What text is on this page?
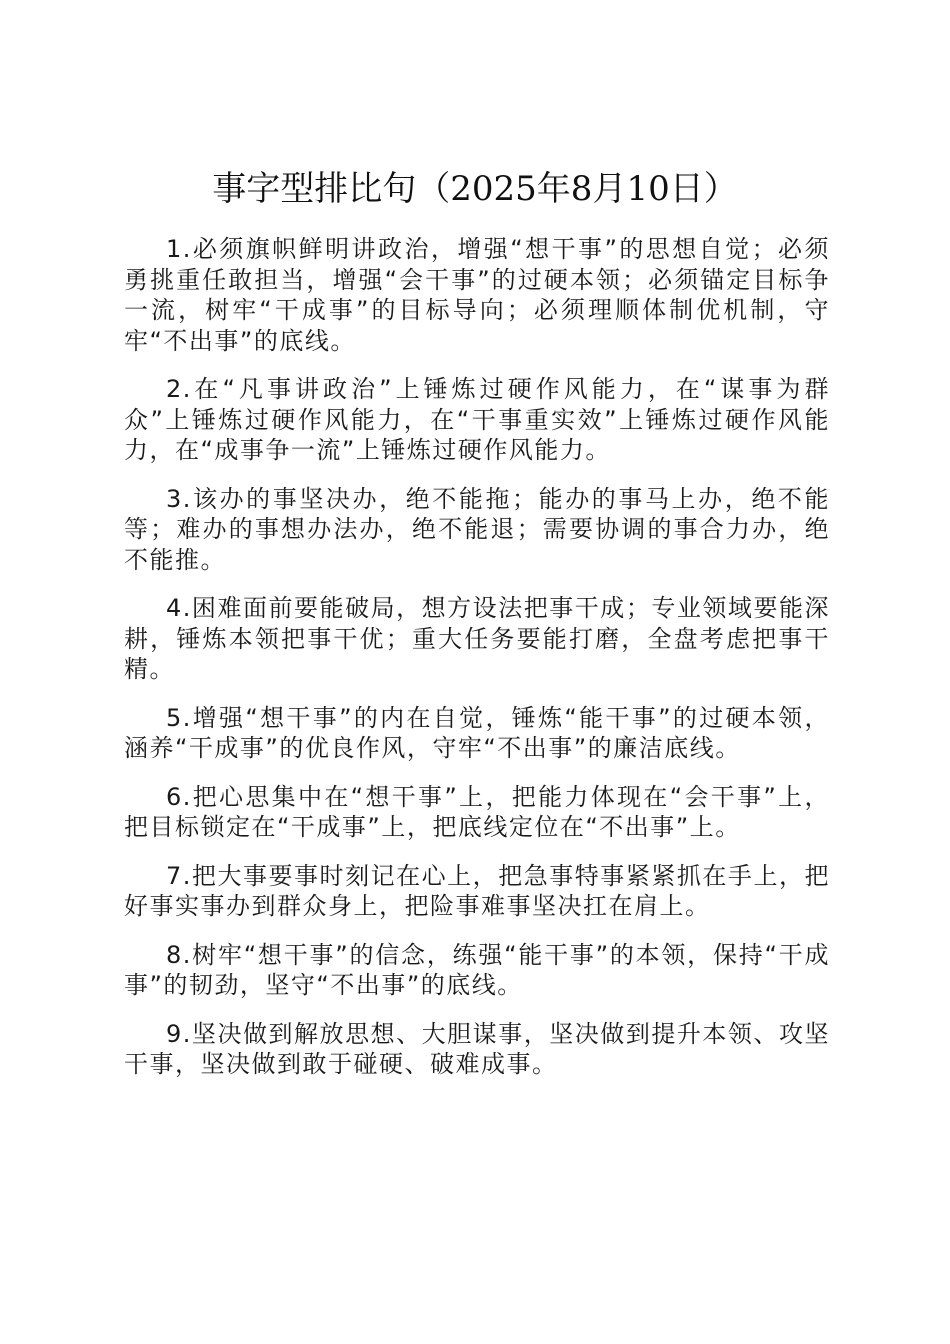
事字型排比句（2025年8月10日）

1.必须旗帜鲜明讲政治，增强“想干事”的思想自觉；必须勇挑重任敢担当，增强“会干事”的过硬本领；必须锚定目标争一流，树牢“干成事”的目标导向；必须理顺体制优机制，守牢“不出事”的底线。

2.在“凡事讲政治”上锤炼过硬作风能力，在“谋事为群众”上锤炼过硬作风能力，在“干事重实效”上锤炼过硬作风能力，在“成事争一流”上锤炼过硬作风能力。

3.该办的事坚决办，绝不能拖；能办的事马上办，绝不能等；难办的事想办法办，绝不能退；需要协调的事合力办，绝不能推。

4.困难面前要能破局，想方设法把事干成；专业领域要能深耕，锤炼本领把事干优；重大任务要能打磨，全盘考虑把事干精。

5.增强“想干事”的内在自觉，锤炼“能干事”的过硬本领，涵养“干成事”的优良作风，守牢“不出事”的廉洁底线。

6.把心思集中在“想干事”上，把能力体现在“会干事”上，把目标锁定在“干成事”上，把底线定位在“不出事”上。

7.把大事要事时刻记在心上，把急事特事紧紧抓在手上，把好事实事办到群众身上，把险事难事坚决扛在肩上。

8.树牢“想干事”的信念，练强“能干事”的本领，保持“干成事”的韧劲，坚守“不出事”的底线。

9.坚决做到解放思想、大胆谋事，坚决做到提升本领、攻坚干事，坚决做到敢于碰硬、破难成事。
